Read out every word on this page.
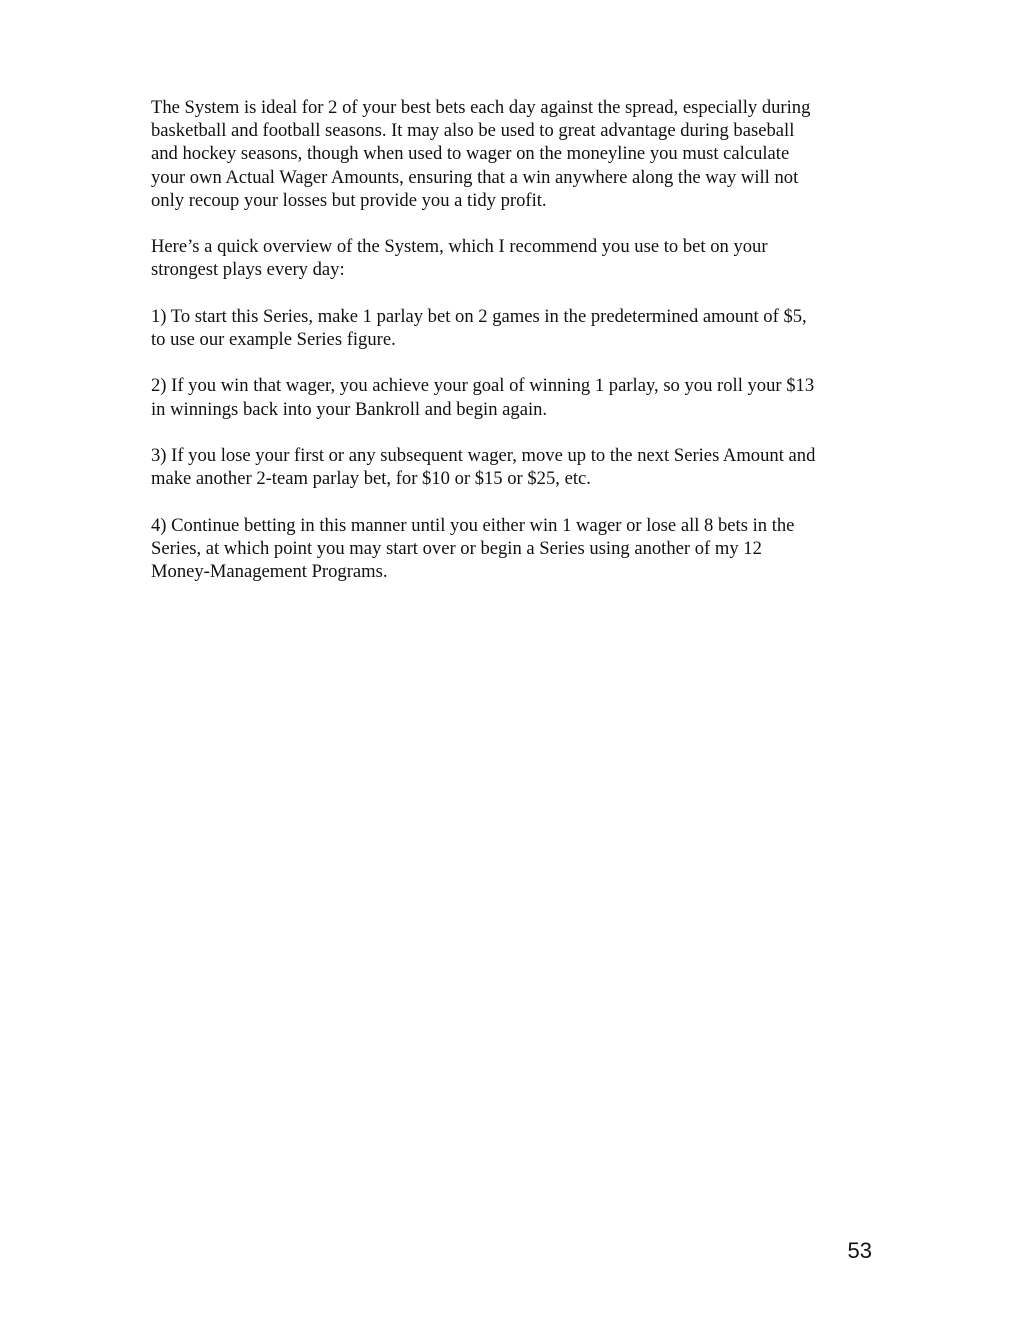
The System is ideal for 2 of your best bets each day against the spread, especially during
basketball and football seasons. It may also be used to great advantage during baseball
and hockey seasons, though when used to wager on the moneyline you must calculate
your own Actual Wager Amounts, ensuring that a win anywhere along the way will not
only recoup your losses but provide you a tidy profit.

Here’s a quick overview of the System, which I recommend you use to bet on your
strongest plays every day:

1) To start this Series, make 1 parlay bet on 2 games in the predetermined amount of $5,
to use our example Series figure.

2) If you win that wager, you achieve your goal of winning 1 parlay, so you roll your $13
in winnings back into your Bankroll and begin again.

3) If you lose your first or any subsequent wager, move up to the next Series Amount and
make another 2-team parlay bet, for $10 or $15 or $25, etc.

4) Continue betting in this manner until you either win 1 wager or lose all 8 bets in the
Series, at which point you may start over or begin a Series using another of my 12
Money-Management Programs.

53
